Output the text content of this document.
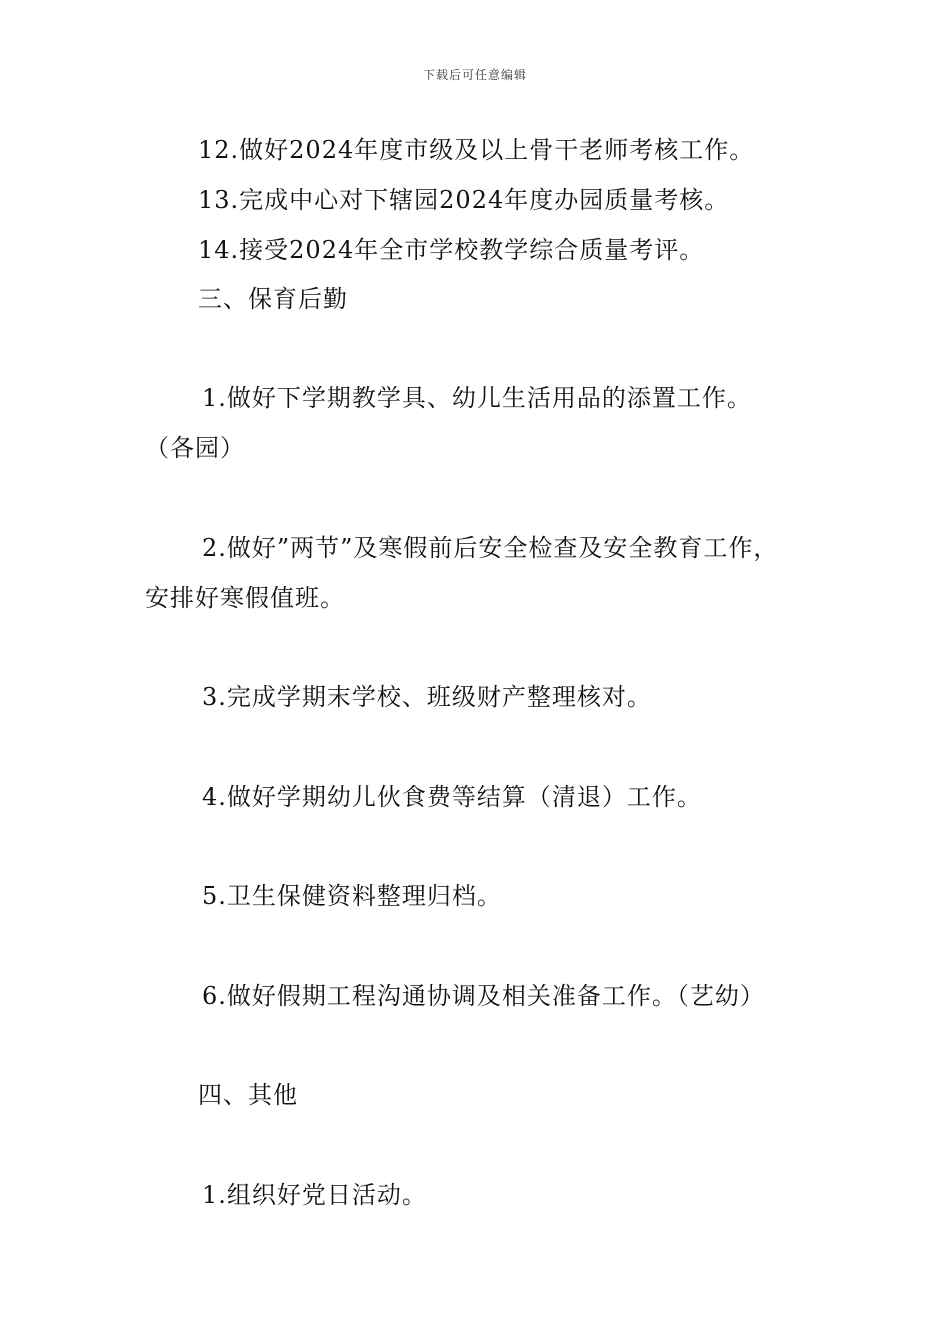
下载后可任意编辑
12.做好2024年度市级及以上骨干老师考核工作。
13.完成中心对下辖园2024年度办园质量考核。
14.接受2024年全市学校教学综合质量考评。
三、保育后勤
1.做好下学期教学具、幼儿生活用品的添置工作。
（各园）
2.做好”两节”及寒假前后安全检查及安全教育工作，
安排好寒假值班。
3.完成学期末学校、班级财产整理核对。
4.做好学期幼儿伙食费等结算（清退）工作。
5.卫生保健资料整理归档。
6.做好假期工程沟通协调及相关准备工作。（艺幼）
四、其他
1.组织好党日活动。
